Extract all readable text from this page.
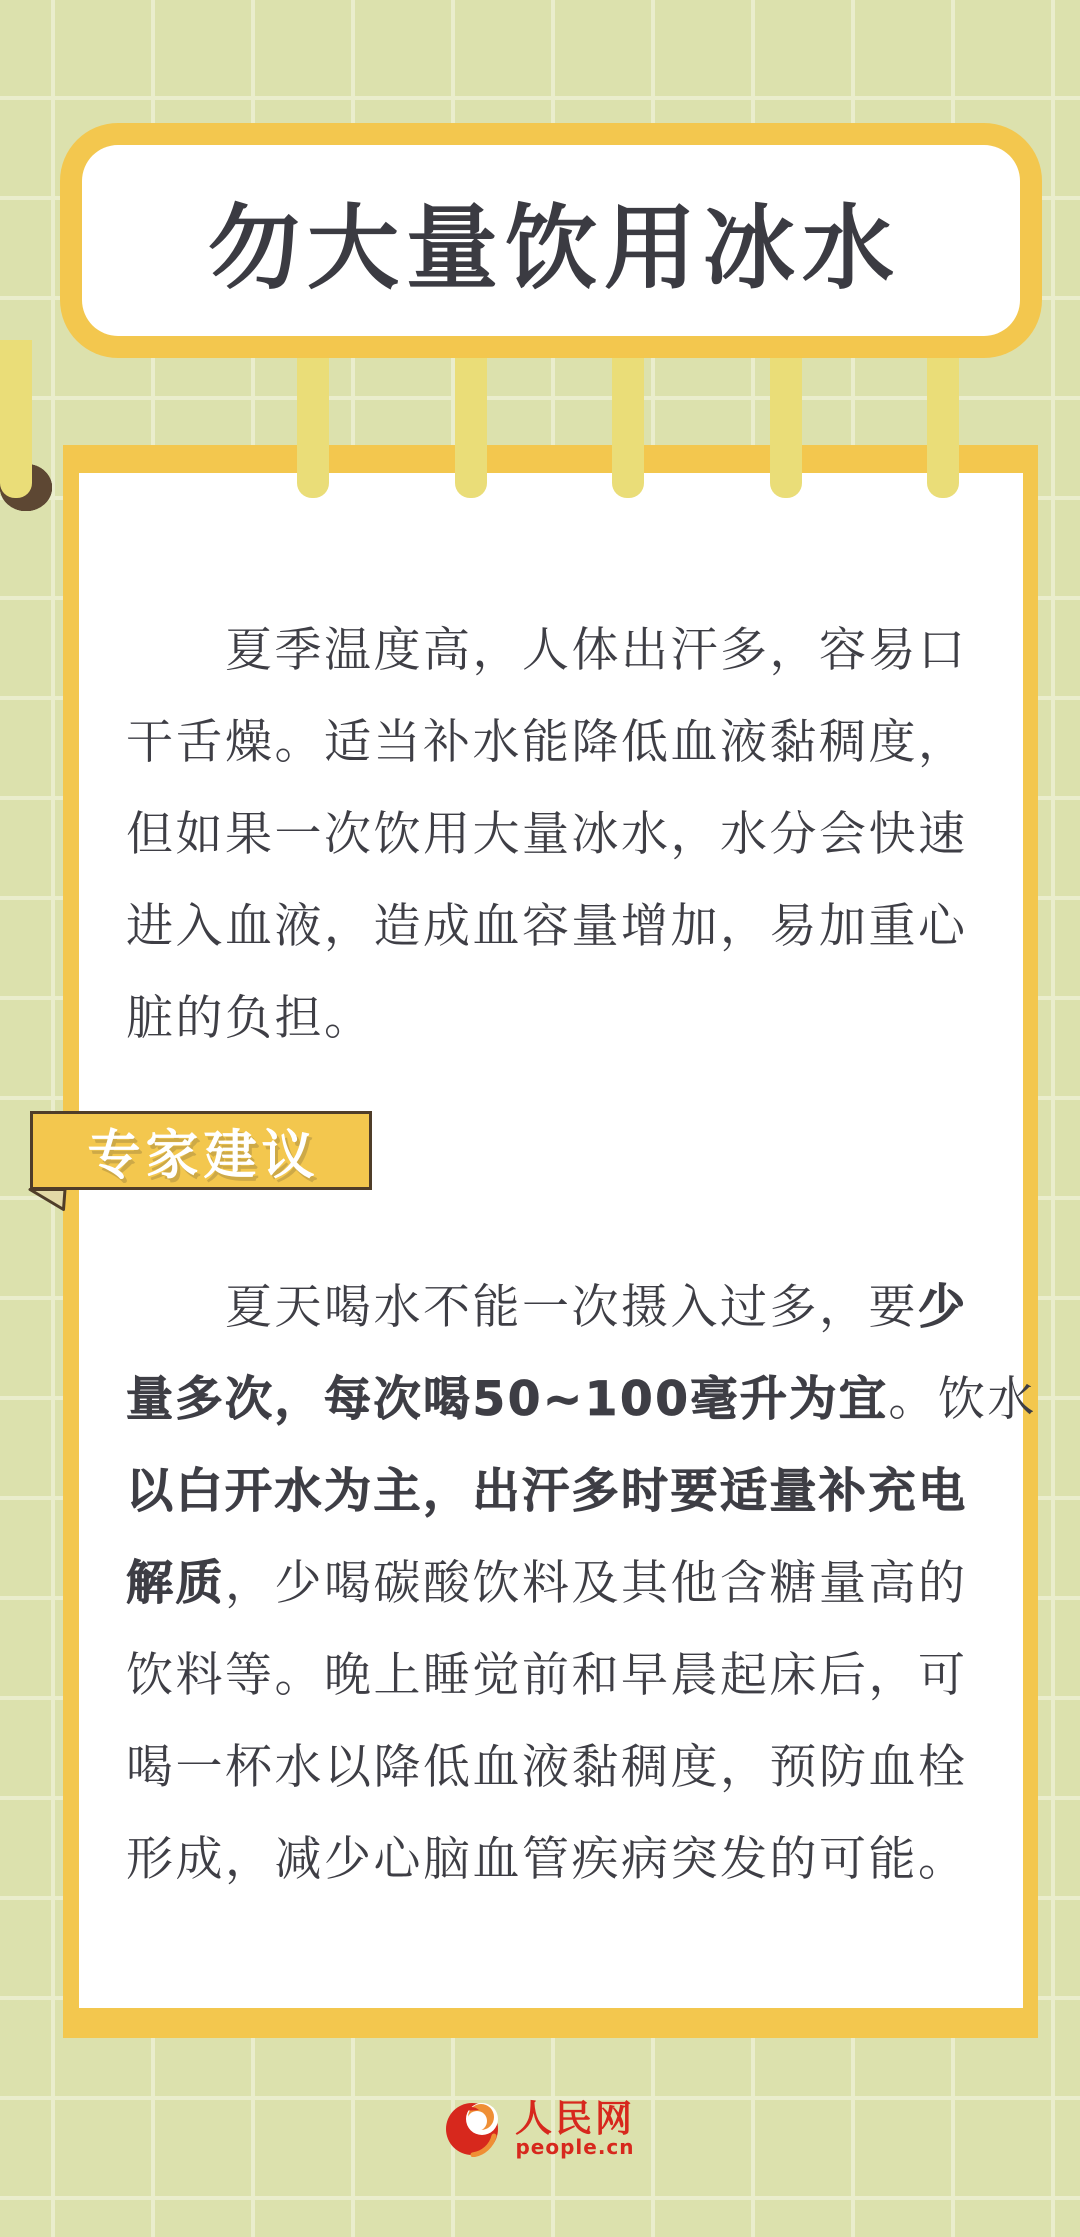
勿大量饮用冰水
夏季温度高，人体出汗多，容易口
干舌燥。适当补水能降低血液黏稠度，
但如果一次饮用大量冰水，水分会快速
进入血液，造成血容量增加，易加重心
脏的负担。
专家建议
夏天喝水不能一次摄入过多，要少
量多次，每次喝50~100毫升为宜。饮水
以白开水为主，出汗多时要适量补充电
解质，少喝碳酸饮料及其他含糖量高的
饮料等。晚上睡觉前和早晨起床后，可
喝一杯水以降低血液黏稠度，预防血栓
形成，减少心脑血管疾病突发的可能。
人民网
people.cn
